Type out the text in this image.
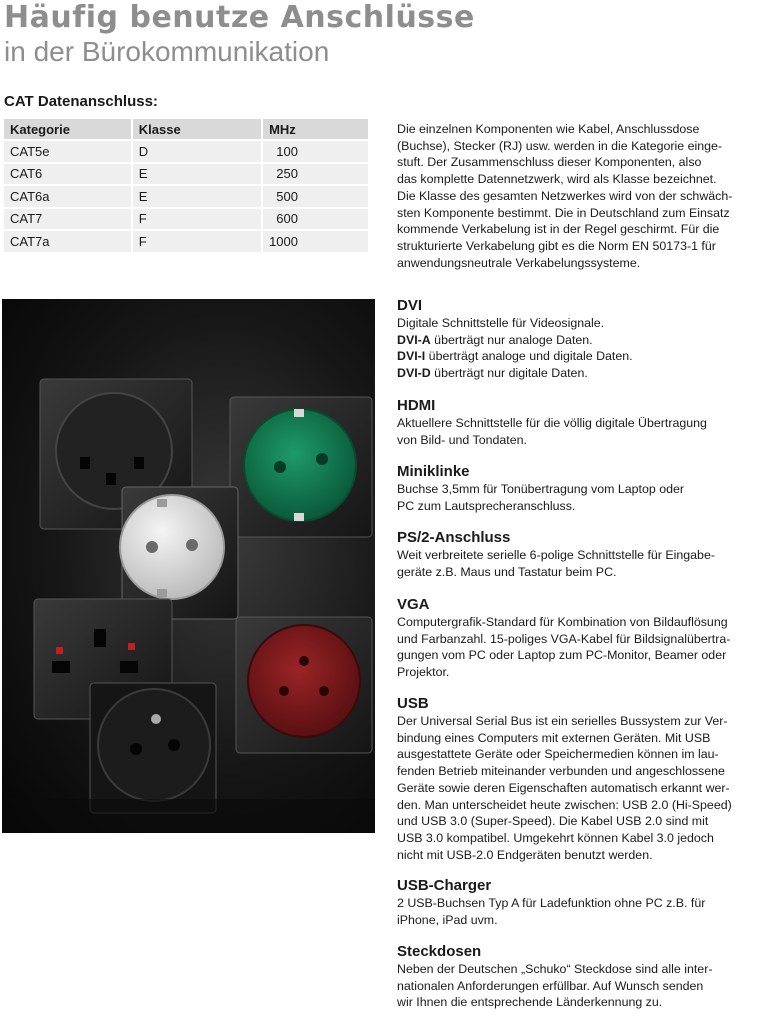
Häufig benutze Anschlüsse
in der Bürokommunikation
CAT Datenanschluss:
Kategorie	Klasse	MHz
CAT5e	D	100
CAT6	E	250
CAT6a	E	500
CAT7	F	600
CAT7a	F	1000
Die einzelnen Komponenten wie Kabel, Anschlussdose
(Buchse), Stecker (RJ) usw. werden in die Kategorie einge-
stuft. Der Zusammenschluss dieser Komponenten, also
das komplette Datennetzwerk, wird als Klasse bezeichnet.
Die Klasse des gesamten Netzwerkes wird von der schwäch-
sten Komponente bestimmt. Die in Deutschland zum Einsatz
kommende Verkabelung ist in der Regel geschirmt. Für die
strukturierte Verkabelung gibt es die Norm EN 50173-1 für
anwendungsneutrale Verkabelungssysteme.
DVI
Digitale Schnittstelle für Videosignale.
DVI-A überträgt nur analoge Daten.
DVI-I überträgt analoge und digitale Daten.
DVI-D überträgt nur digitale Daten.
HDMI
Aktuellere Schnittstelle für die völlig digitale Übertragung
von Bild- und Tondaten.
Miniklinke
Buchse 3,5mm für Tonübertragung vom Laptop oder
PC zum Lautsprecheranschluss.
PS/2-Anschluss
Weit verbreitete serielle 6-polige Schnittstelle für Eingabe-
geräte z.B. Maus und Tastatur beim PC.
VGA
Computergrafik-Standard für Kombination von Bildauflösung
und Farbanzahl. 15-poliges VGA-Kabel für Bildsignalübertra-
gungen vom PC oder Laptop zum PC-Monitor, Beamer oder
Projektor.
USB
Der Universal Serial Bus ist ein serielles Bussystem zur Ver-
bindung eines Computers mit externen Geräten. Mit USB
ausgestattete Geräte oder Speichermedien können im lau-
fenden Betrieb miteinander verbunden und angeschlossene
Geräte sowie deren Eigenschaften automatisch erkannt wer-
den. Man unterscheidet heute zwischen: USB 2.0 (Hi-Speed)
und USB 3.0 (Super-Speed). Die Kabel USB 2.0 sind mit
USB 3.0 kompatibel. Umgekehrt können Kabel 3.0 jedoch
nicht mit USB-2.0 Endgeräten benutzt werden.
USB-Charger
2 USB-Buchsen Typ A für Ladefunktion ohne PC z.B. für
iPhone, iPad uvm.
Steckdosen
Neben der Deutschen „Schuko“ Steckdose sind alle inter-
nationalen Anforderungen erfüllbar. Auf Wunsch senden
wir Ihnen die entsprechende Länderkennung zu.
